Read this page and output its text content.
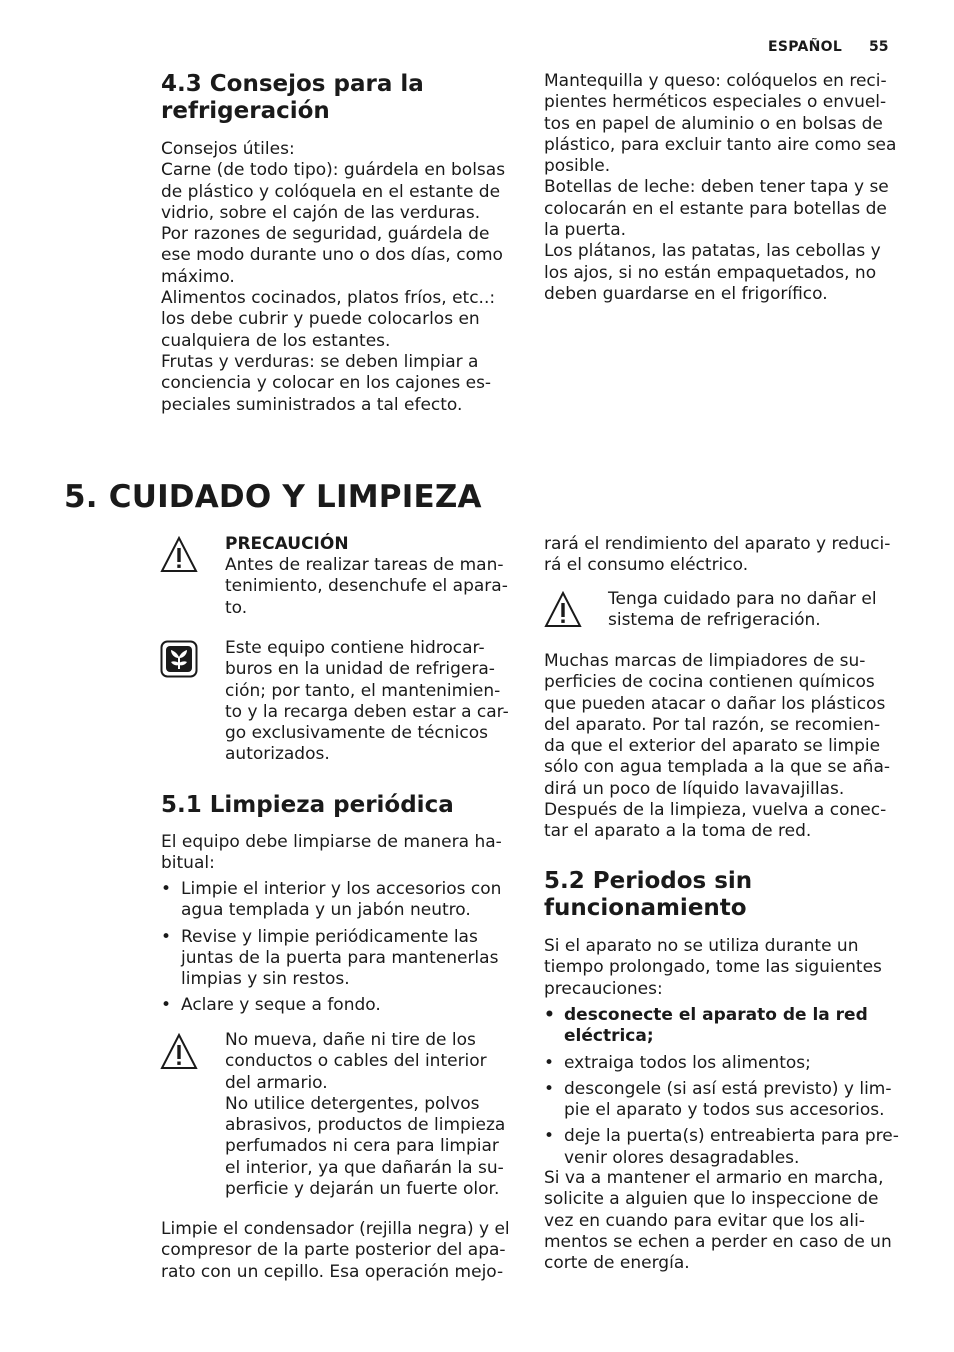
ESPAÑOL 55
4.3 Consejos para la
refrigeración

Consejos útiles:
Carne (de todo tipo): guárdela en bolsas
de plástico y colóquela en el estante de
vidrio, sobre el cajón de las verduras.
Por razones de seguridad, guárdela de
ese modo durante uno o dos días, como
máximo.
Alimentos cocinados, platos fríos, etc..:
los debe cubrir y puede colocarlos en
cualquiera de los estantes.
Frutas y verduras: se deben limpiar a
conciencia y colocar en los cajones es-
peciales suministrados a tal efecto.

Mantequilla y queso: colóquelos en reci-
pientes herméticos especiales o envuel-
tos en papel de aluminio o en bolsas de
plástico, para excluir tanto aire como sea
posible.
Botellas de leche: deben tener tapa y se
colocarán en el estante para botellas de
la puerta.
Los plátanos, las patatas, las cebollas y
los ajos, si no están empaquetados, no
deben guardarse en el frigorífico.

5. CUIDADO Y LIMPIEZA
PRECAUCIÓN

Antes de realizar tareas de man-
tenimiento, desenchufe el apara-
to.

Este equipo contiene hidrocar-
buros en la unidad de refrigera-
ción; por tanto, el mantenimien-
to y la recarga deben estar a car-
go exclusivamente de técnicos
autorizados.

5.1 Limpieza periódica

El equipo debe limpiarse de manera ha-
bitual:

• Limpie el interior y los accesorios con
agua templada y un jabón neutro.
• Revise y limpie periódicamente las
juntas de la puerta para mantenerlas
limpias y sin restos.
• Aclare y seque a fondo.

No mueva, dañe ni tire de los
conductos o cables del interior
del armario.
No utilice detergentes, polvos
abrasivos, productos de limpieza
perfumados ni cera para limpiar
el interior, ya que dañarán la su-
perficie y dejarán un fuerte olor.

Limpie el condensador (rejilla negra) y el
compresor de la parte posterior del apa-
rato con un cepillo. Esa operación mejo-

rará el rendimiento del aparato y reduci-
rá el consumo eléctrico.

Tenga cuidado para no dañar el
sistema de refrigeración.

Muchas marcas de limpiadores de su-
perficies de cocina contienen químicos
que pueden atacar o dañar los plásticos
del aparato. Por tal razón, se recomien-
da que el exterior del aparato se limpie
sólo con agua templada a la que se aña-
dirá un poco de líquido lavavajillas.
Después de la limpieza, vuelva a conec-
tar el aparato a la toma de red.

5.2 Periodos sin
funcionamiento

Si el aparato no se utiliza durante un
tiempo prolongado, tome las siguientes
precauciones:

• desconecte el aparato de la red
eléctrica;
• extraiga todos los alimentos;
• descongele (si así está previsto) y lim-
pie el aparato y todos sus accesorios.
• deje la puerta(s) entreabierta para pre-
venir olores desagradables.

Si va a mantener el armario en marcha,
solicite a alguien que lo inspeccione de
vez en cuando para evitar que los ali-
mentos se echen a perder en caso de un
corte de energía.
